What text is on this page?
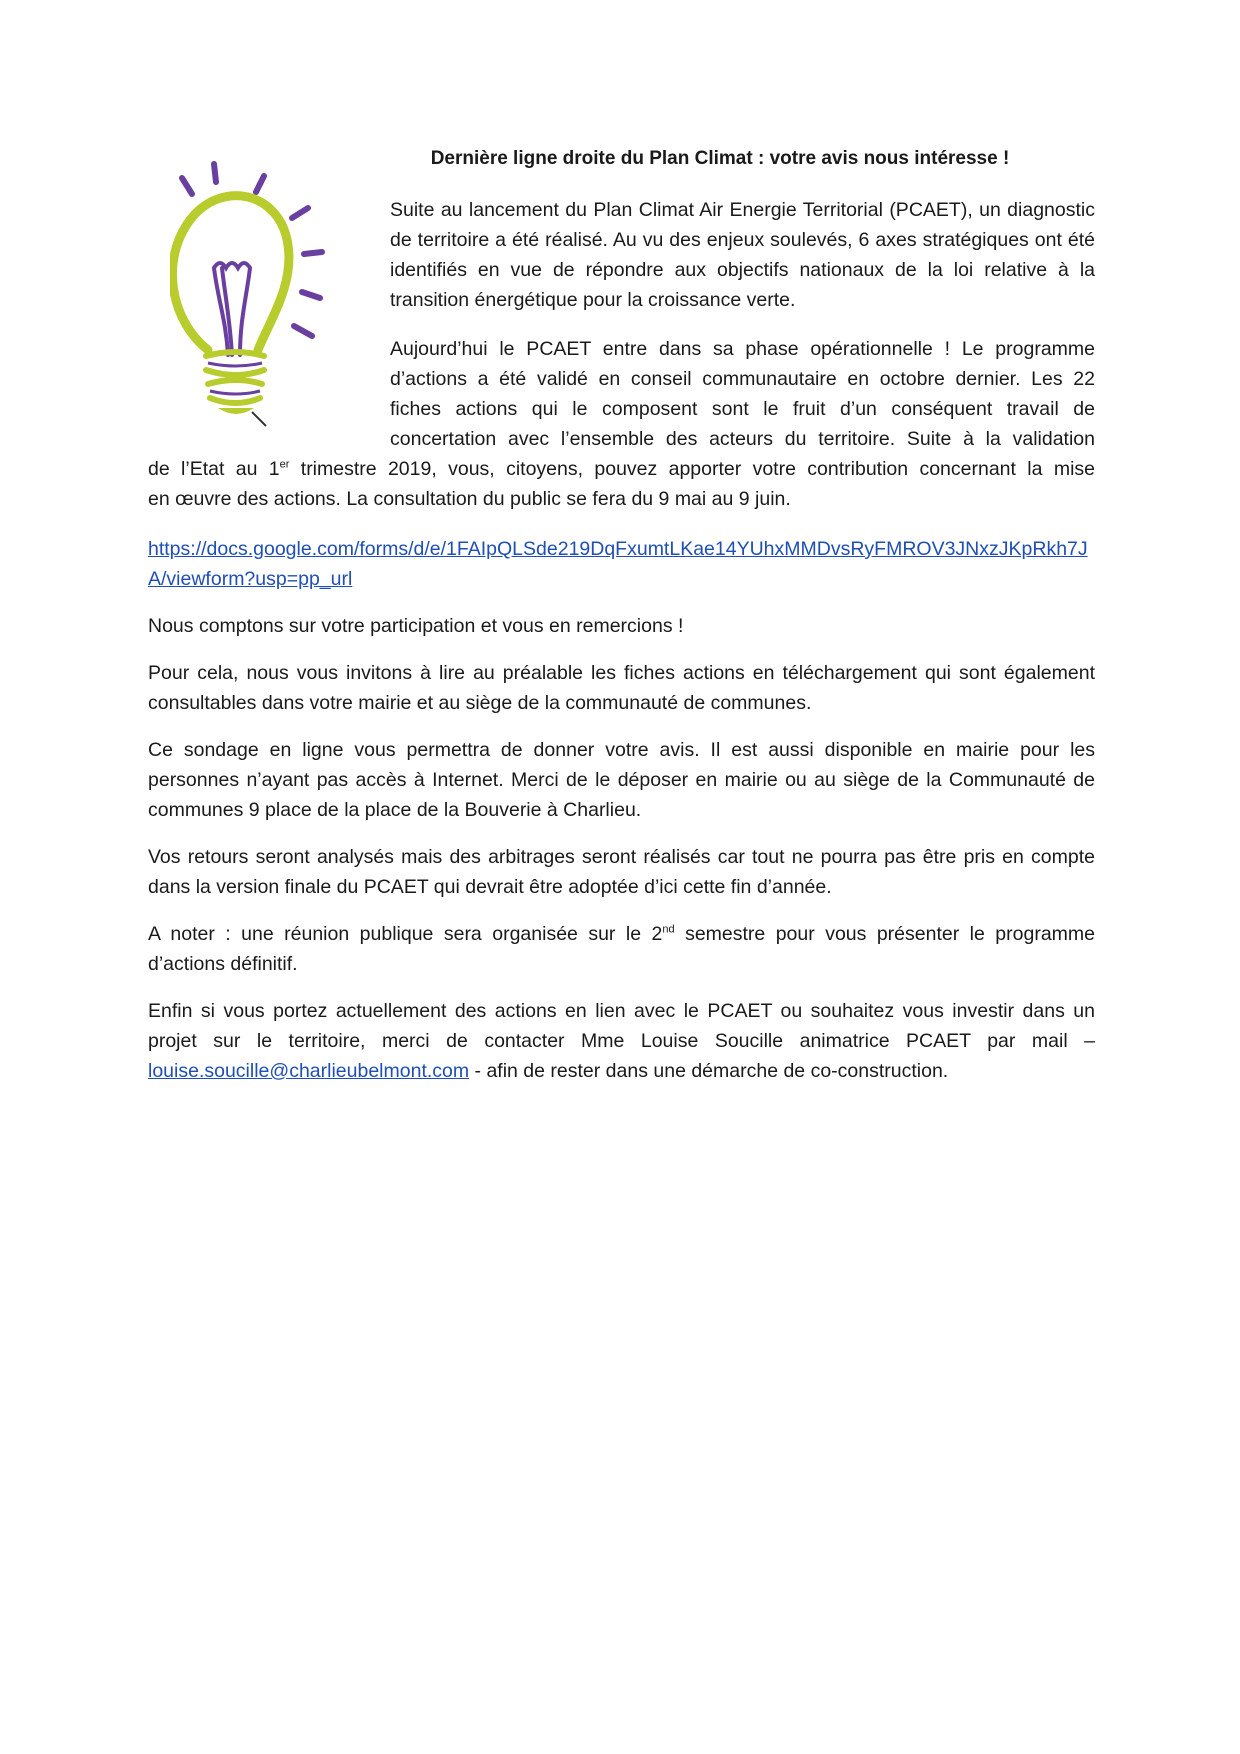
Dernière ligne droite du Plan Climat : votre avis nous intéresse !

Suite au lancement du Plan Climat Air Energie Territorial (PCAET), un diagnostic de territoire a été réalisé. Au vu des enjeux soulevés, 6 axes stratégiques ont été identifiés en vue de répondre aux objectifs nationaux de la loi relative à la transition énergétique pour la croissance verte.

Aujourd’hui le PCAET entre dans sa phase opérationnelle ! Le programme
d’actions a été validé en conseil communautaire en octobre dernier. Les 22
fiches actions qui le composent sont le fruit d’un conséquent travail de
concertation avec l’ensemble des acteurs du territoire. Suite à la validation
de l’Etat au 1er trimestre 2019, vous, citoyens, pouvez apporter votre contribution concernant la mise
en œuvre des actions. La consultation du public se fera du 9 mai au 9 juin.

https://docs.google.com/forms/d/e/1FAIpQLSde219DqFxumtLKae14YUhxMMDvsRyFMROV3JNxzJKpRkh7JA/viewform?usp=pp_url

Nous comptons sur votre participation et vous en remercions !

Pour cela, nous vous invitons à lire au préalable les fiches actions en téléchargement qui sont également consultables dans votre mairie et au siège de la communauté de communes.

Ce sondage en ligne vous permettra de donner votre avis. Il est aussi disponible en mairie pour les personnes n’ayant pas accès à Internet. Merci de le déposer en mairie ou au siège de la Communauté de communes 9 place de la place de la Bouverie à Charlieu.

Vos retours seront analysés mais des arbitrages seront réalisés car tout ne pourra pas être pris en compte dans la version finale du PCAET qui devrait être adoptée d’ici cette fin d’année.

A noter : une réunion publique sera organisée sur le 2nd semestre pour vous présenter le programme d’actions définitif.

Enfin si vous portez actuellement des actions en lien avec le PCAET ou souhaitez vous investir dans un projet sur le territoire, merci de contacter Mme Louise Soucille animatrice PCAET par mail – louise.soucille@charlieubelmont.com - afin de rester dans une démarche de co-construction.
